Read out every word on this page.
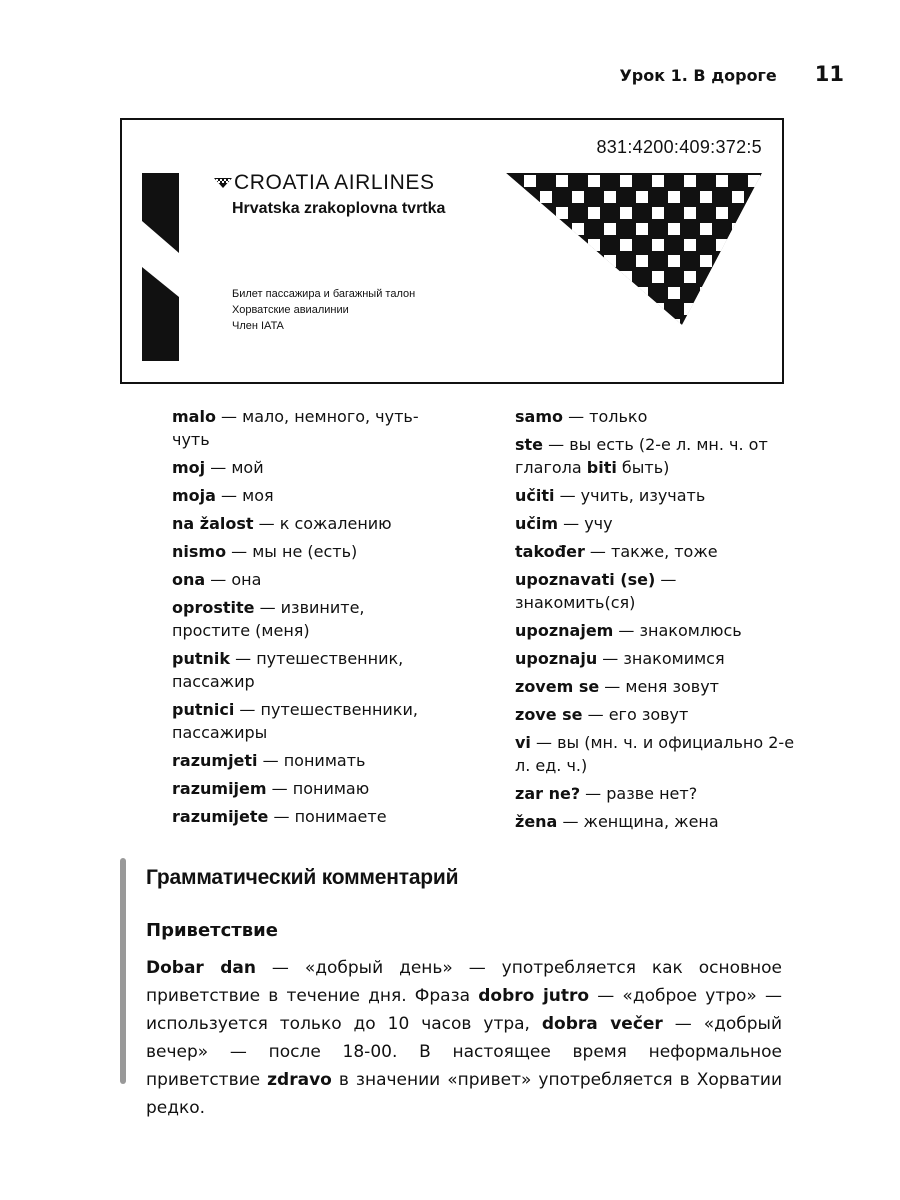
Урок 1. В дороге 11
831:4200:409:372:5
CROATIA AIRLINES
Hrvatska zrakoplovna tvrtka
Билет пассажира и багажный талон
Хорватские авиалинии
Член IATA
malo — мало, немного, чуть-чуть
moj — мой
moja — моя
na žalost — к сожалению
nismo — мы не (есть)
ona — она
oprostite — извините, простите (меня)
putnik — путешественник, пассажир
putnici — путешественники, пассажиры
razumjeti — понимать
razumijem — понимаю
razumijete — понимаете
samo — только
ste — вы есть (2-е л. мн. ч. от глагола biti быть)
učiti — учить, изучать
učim — учу
također — также, тоже
upoznavati (se) — знакомить(ся)
upoznajem — знакомлюсь
upoznaju — знакомимся
zovem se — меня зовут
zove se — его зовут
vi — вы (мн. ч. и официально 2-е л. ед. ч.)
zar ne? — разве нет?
žena — женщина, жена
Грамматический комментарий
Приветствие
Dobar dan — «добрый день» — употребляется как основное приветствие в течение дня. Фраза dobro jutro — «доброе утро» — используется только до 10 часов утра, dobra večer — «добрый вечер» — после 18-00. В настоящее время неформальное приветствие zdravo в значении «привет» употребляется в Хорватии редко.
